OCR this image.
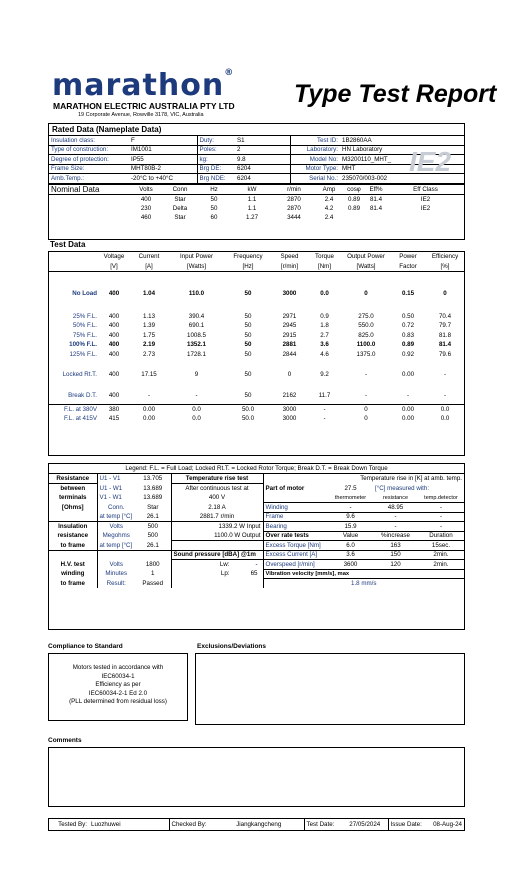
marathon®
MARATHON ELECTRIC AUSTRALIA PTY LTD
19 Corporate Avenue, Rowville 3178, VIC, Australia
Type Test Report
Rated Data (Nameplate Data)
Insulation class:	F	Duty:	S1	Test ID:	1B2860AA
Type of construction:	IM1001	Poles:	2	Laboratory:	HN Laboratory
Degree of protection:	IP55	kg:	9.8	Model No:	M3200110_MHT_
Frame Size:	MHT80B-2	Brg DE:	6204	Motor Type:	MHT
Amb.Temp.:	-20°C to +40°C	Brg NDE:	6204	Serial No.:	235070/003-002
IE2
Nominal Data	Volts	Conn	Hz	kW	r/min	Amp	cosφ	Eff%	Eff Class
	400	Star	50	1.1	2870	2.4	0.89	81.4	IE2
	230	Delta	50	1.1	2870	4.2	0.89	81.4	IE2
	460	Star	60	1.27	3444	2.4			
Test Data
	Voltage	Current	Input Power	Frequency	Speed	Torque	Output Power	Power	Efficiency
	[V]	[A]	[Watts]	[Hz]	[r/min]	[Nm]	[Watts]	Factor	[%]

No Load	400	1.04	110.0	50	3000	0.0	0	0.15	0

25% F.L.	400	1.13	390.4	50	2971	0.9	275.0	0.50	70.4
50% F.L.	400	1.39	690.1	50	2945	1.8	550.0	0.72	79.7
75% F.L.	400	1.75	1008.5	50	2915	2.7	825.0	0.83	81.8
100% F.L.	400	2.19	1352.1	50	2881	3.6	1100.0	0.89	81.4
125% F.L.	400	2.73	1728.1	50	2844	4.6	1375.0	0.92	79.6

Locked Rt.T.	400	17.15	9	50	0	9.2	-	0.00	-

Break D.T.	400	-	-	50	2162	11.7	-	-	-

F.L. at 380V	380	0.00	0.0	50.0	3000	-	0	0.00	0.0
F.L. at 415V	415	0.00	0.0	50.0	3000	-	0	0.00	0.0
Legend: F.L. = Full Load; Locked Rt.T. = Locked Rotor Torque; Break D.T. = Break Down Torque
Resistance	U1 - V1	13.705	Temperature rise test	Temperature rise in [K] at amb. temp.			
between	U1 - W1	13.689	After continuous test at	Part of motor	27.5	[°C] measured with:	
terminals	V1 - W1	13.689	400 V		thermometer	resistance	temp.detector
[Ohms]	Conn.	Star	2.18 A	Winding	-	48.95	-
	at temp [°C]	26.1	2881.7 r/min	Frame	9.6	-	-
Insulation	Volts	500	1339.2 W Input	Bearing	15.9	-	-
resistance	Megohms	500	1100.0 W Output	Over rate tests	Value	%increase	Duration
to frame	at temp [°C]	26.1		Excess Torque [Nm]	6.0	163	15sec.
			Sound pressure [dBA] @1m	Excess Current [A]	3.6	150	2min.
H.V. test	Volts	1800	Lw: -	Overspeed [r/min]	3600	120	2min.
winding	Minutes	1	Lp: 65	Vibration velocity [mm/s], max			
to frame	Result:	Passed		1.8 mm/s			
Compliance to Standard
Motors tested in accordance with
IEC60034-1
Efficiency as per
IEC60034-2-1 Ed 2.0
(PLL determined from residual loss)
Exclusions/Deviations
Comments
Tested By:	Luozhuwei	Checked By:	Jiangkangcheng	Test Date:	27/05/2024	Issue Date:	08-Aug-24
